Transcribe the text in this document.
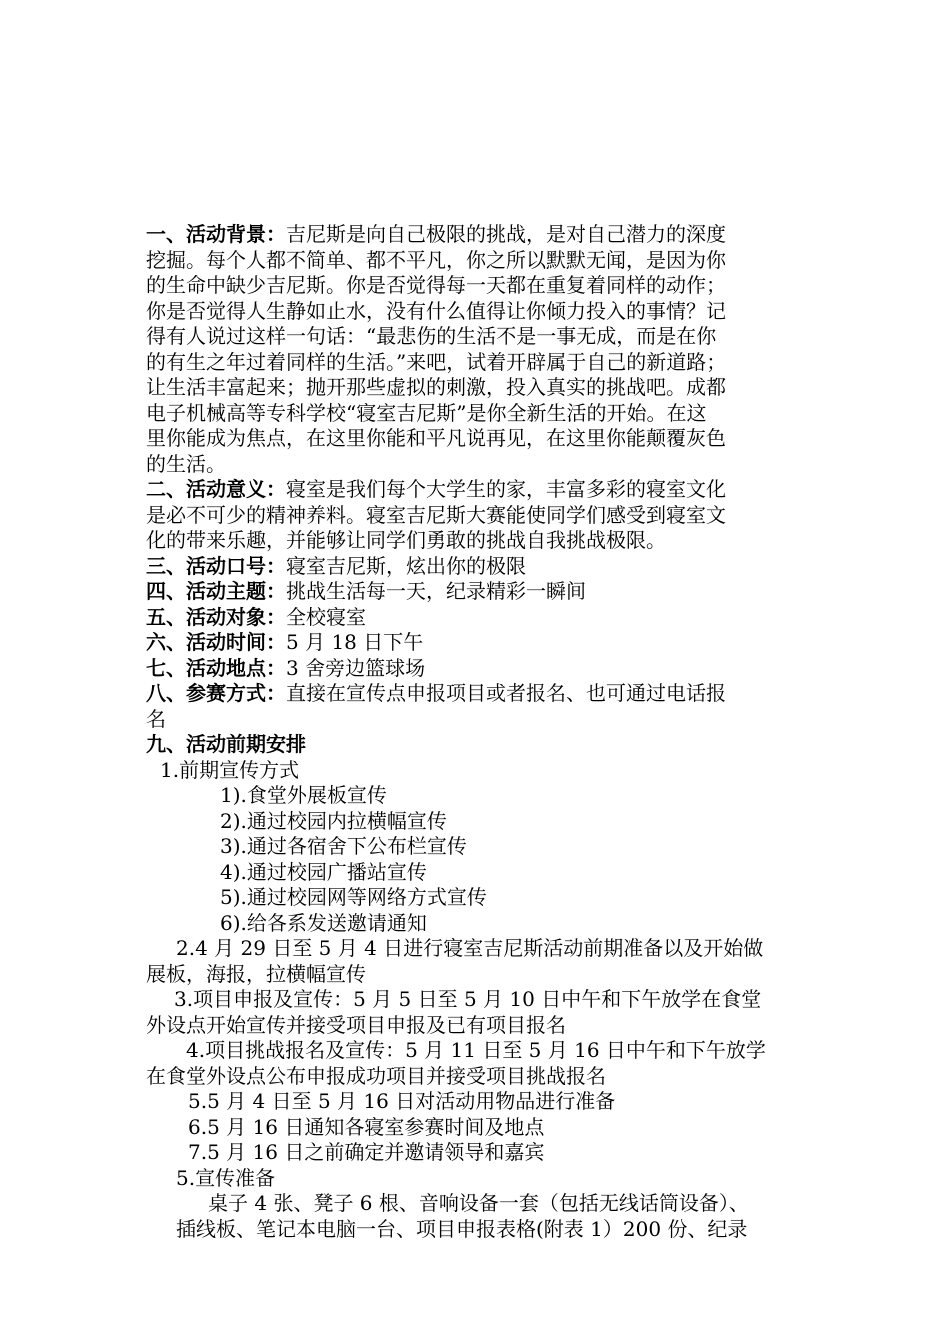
一、活动背景：吉尼斯是向自己极限的挑战，是对自己潜力的深度
挖掘。每个人都不简单、都不平凡，你之所以默默无闻，是因为你
的生命中缺少吉尼斯。你是否觉得每一天都在重复着同样的动作；
你是否觉得人生静如止水，没有什么值得让你倾力投入的事情？记
得有人说过这样一句话：“最悲伤的生活不是一事无成，而是在你
的有生之年过着同样的生活。”来吧，试着开辟属于自己的新道路；
让生活丰富起来；抛开那些虚拟的刺激，投入真实的挑战吧。成都
电子机械高等专科学校“寝室吉尼斯”是你全新生活的开始。在这
里你能成为焦点，在这里你能和平凡说再见，在这里你能颠覆灰色
的生活。
二、活动意义：寝室是我们每个大学生的家，丰富多彩的寝室文化
是必不可少的精神养料。寝室吉尼斯大赛能使同学们感受到寝室文
化的带来乐趣，并能够让同学们勇敢的挑战自我挑战极限。
三、活动口号：寝室吉尼斯，炫出你的极限
四、活动主题：挑战生活每一天，纪录精彩一瞬间
五、活动对象：全校寝室
六、活动时间：5 月 18 日下午
七、活动地点：3 舍旁边篮球场
八、参赛方式：直接在宣传点申报项目或者报名、也可通过电话报
名
九、活动前期安排
1.前期宣传方式
1).食堂外展板宣传
2).通过校园内拉横幅宣传
3).通过各宿舍下公布栏宣传
4).通过校园广播站宣传
5).通过校园网等网络方式宣传
6).给各系发送邀请通知
2.4 月 29 日至 5 月 4 日进行寝室吉尼斯活动前期准备以及开始做
展板，海报，拉横幅宣传
3.项目申报及宣传：5 月 5 日至 5 月 10 日中午和下午放学在食堂
外设点开始宣传并接受项目申报及已有项目报名
4.项目挑战报名及宣传：5 月 11 日至 5 月 16 日中午和下午放学
在食堂外设点公布申报成功项目并接受项目挑战报名
5.5 月 4 日至 5 月 16 日对活动用物品进行准备
6.5 月 16 日通知各寝室参赛时间及地点
7.5 月 16 日之前确定并邀请领导和嘉宾
5.宣传准备
桌子 4 张、凳子 6 根、音响设备一套（包括无线话筒设备）、
插线板、笔记本电脑一台、项目申报表格(附表 1）200 份、纪录
